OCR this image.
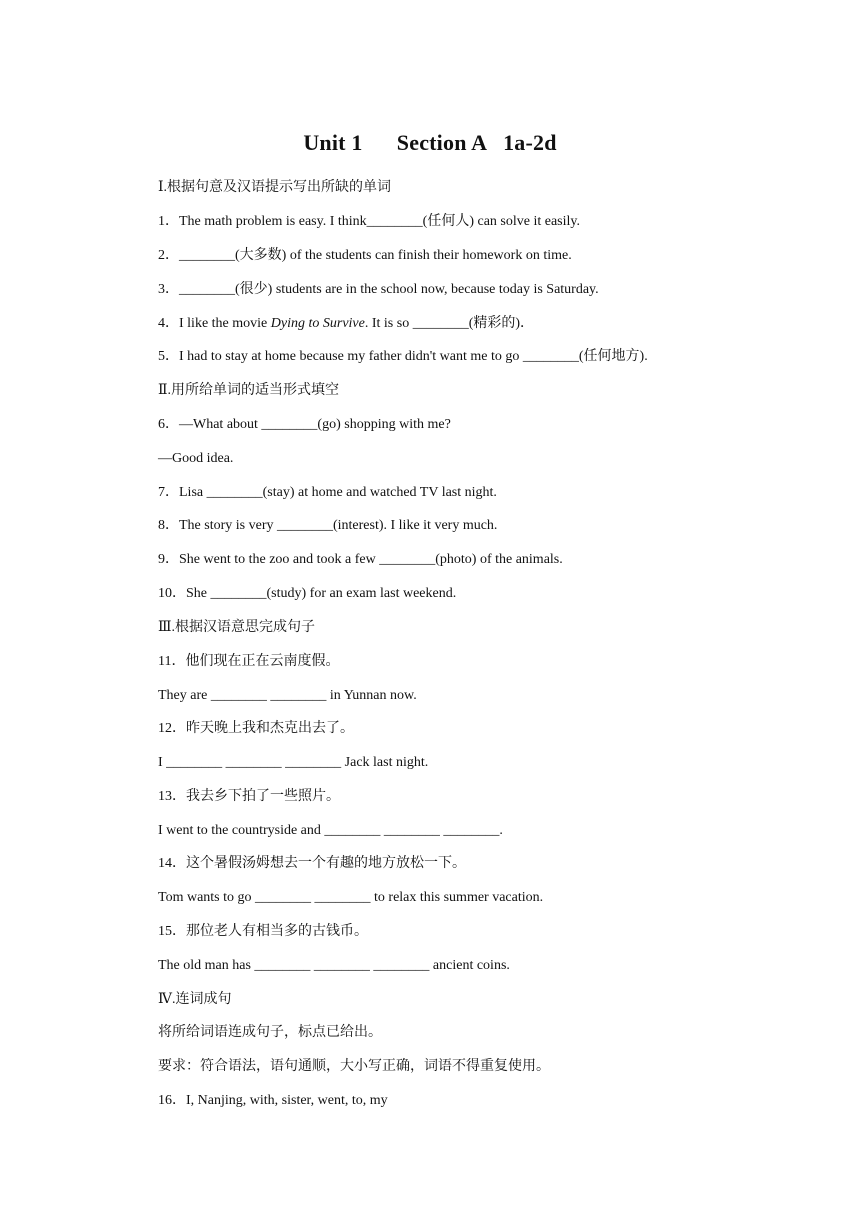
Unit 1      Section A   1a-2d
Ⅰ.根据句意及汉语提示写出所缺的单词
1．The math problem is easy. I think________(任何人) can solve it easily.
2．________(大多数) of the students can finish their homework on time.
3．________(很少) students are in the school now, because today is Saturday.
4．I like the movie Dying to Survive. It is so ________(精彩的)．
5．I had to stay at home because my father didn't want me to go ________(任何地方).
Ⅱ.用所给单词的适当形式填空
6．—What about ________(go) shopping with me?
—Good idea.
7．Lisa ________(stay) at home and watched TV last night.
8．The story is very ________(interest). I like it very much.
9．She went to the zoo and took a few ________(photo) of the animals.
10．She ________(study) for an exam last weekend.
Ⅲ.根据汉语意思完成句子
11．他们现在正在云南度假。
They are ________ ________ in Yunnan now.
12．昨天晚上我和杰克出去了。
I ________ ________ ________ Jack last night.
13．我去乡下拍了一些照片。
I went to the countryside and ________ ________ ________.
14．这个暑假汤姆想去一个有趣的地方放松一下。
Tom wants to go ________ ________ to relax this summer vacation.
15．那位老人有相当多的古钱币。
The old man has ________ ________ ________ ancient coins.
Ⅳ.连词成句
将所给词语连成句子，标点已给出。
要求：符合语法，语句通顺，大小写正确，词语不得重复使用。
16．I, Nanjing, with, sister, went, to, my
